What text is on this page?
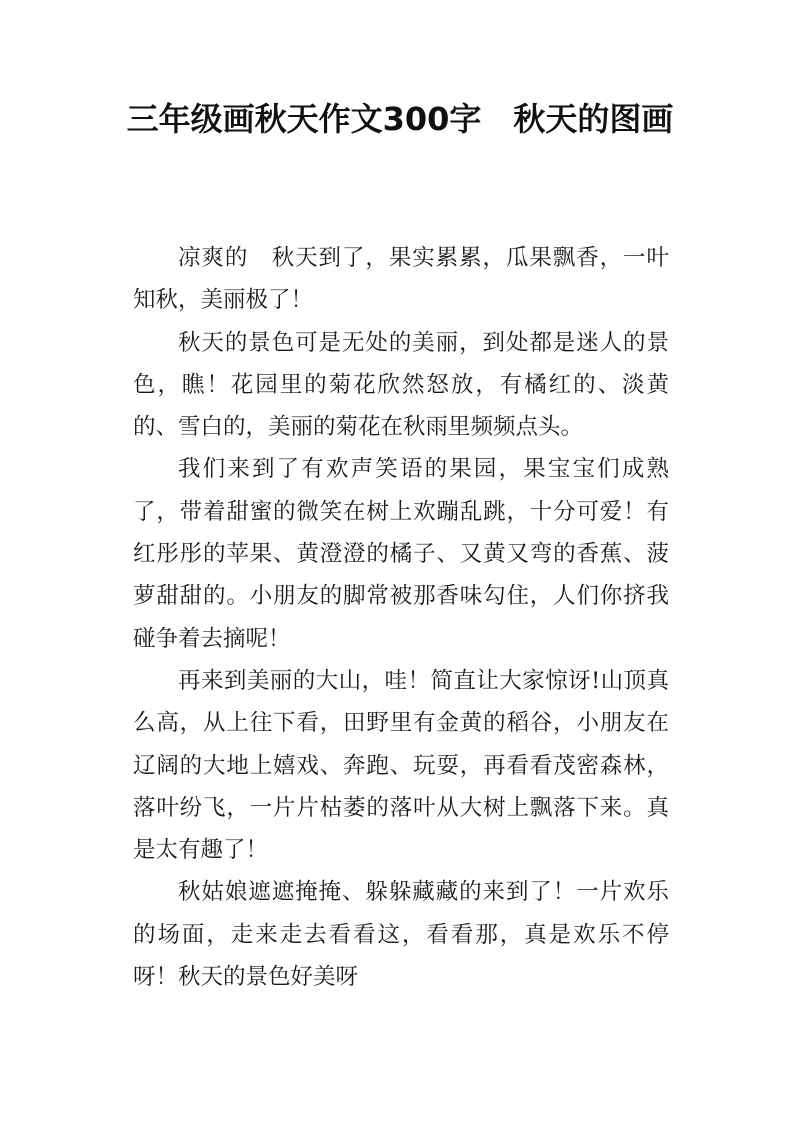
三年级画秋天作文300字　秋天的图画

凉爽的　秋天到了，果实累累，瓜果飘香，一叶知秋，美丽极了！

秋天的景色可是无处的美丽，到处都是迷人的景色，瞧！花园里的菊花欣然怒放，有橘红的、淡黄的、雪白的，美丽的菊花在秋雨里频频点头。

我们来到了有欢声笑语的果园，果宝宝们成熟了，带着甜蜜的微笑在树上欢蹦乱跳，十分可爱！有红彤彤的苹果、黄澄澄的橘子、又黄又弯的香蕉、菠萝甜甜的。小朋友的脚常被那香味勾住，人们你挤我碰争着去摘呢！

再来到美丽的大山，哇！简直让大家惊讶!山顶真么高，从上往下看，田野里有金黄的稻谷，小朋友在辽阔的大地上嬉戏、奔跑、玩耍，再看看茂密森林，落叶纷飞，一片片枯萎的落叶从大树上飘落下来。真是太有趣了！

秋姑娘遮遮掩掩、躲躲藏藏的来到了！一片欢乐的场面，走来走去看看这，看看那，真是欢乐不停呀！秋天的景色好美呀
